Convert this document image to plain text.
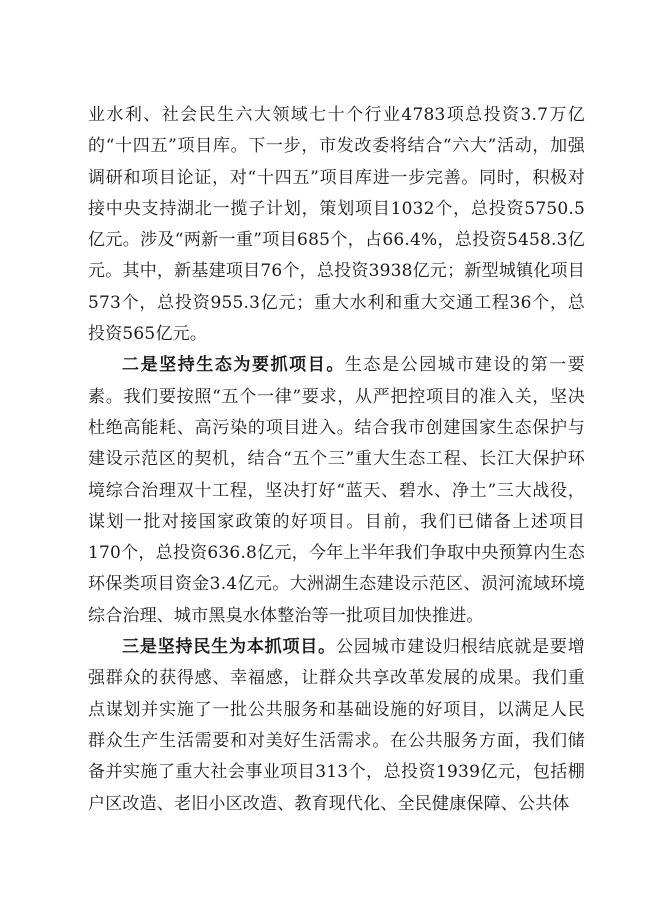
业水利、社会民生六大领域七十个行业4783项总投资3.7万亿的“十四五”项目库。下一步，市发改委将结合“六大”活动，加强调研和项目论证，对“十四五”项目库进一步完善。同时，积极对接中央支持湖北一揽子计划，策划项目1032个，总投资5750.5亿元。涉及“两新一重”项目685个，占66.4%，总投资5458.3亿元。其中，新基建项目76个，总投资3938亿元；新型城镇化项目573个，总投资955.3亿元；重大水利和重大交通工程36个，总投资565亿元。

二是坚持生态为要抓项目。生态是公园城市建设的第一要素。我们要按照“五个一律”要求，从严把控项目的准入关，坚决杜绝高能耗、高污染的项目进入。结合我市创建国家生态保护与建设示范区的契机，结合“五个三”重大生态工程、长江大保护环境综合治理双十工程，坚决打好“蓝天、碧水、净土”三大战役，谋划一批对接国家政策的好项目。目前，我们已储备上述项目170个，总投资636.8亿元，今年上半年我们争取中央预算内生态环保类项目资金3.4亿元。大洲湖生态建设示范区、涢河流域环境综合治理、城市黑臭水体整治等一批项目加快推进。

三是坚持民生为本抓项目。公园城市建设归根结底就是要增强群众的获得感、幸福感，让群众共享改革发展的成果。我们重点谋划并实施了一批公共服务和基础设施的好项目，以满足人民群众生产生活需要和对美好生活需求。在公共服务方面，我们储备并实施了重大社会事业项目313个，总投资1939亿元，包括棚户区改造、老旧小区改造、教育现代化、全民健康保障、公共体
